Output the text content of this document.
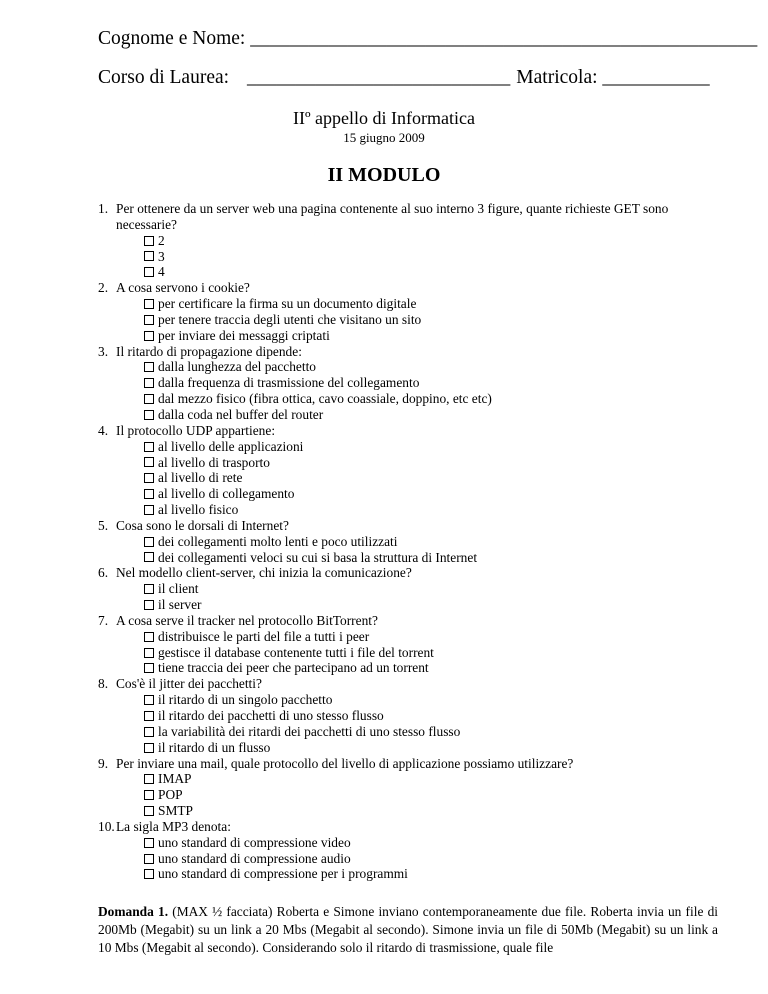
Cognome e Nome: ____________________________________________________
Corso di Laurea: ___________________________ Matricola: ___________
IIº appello di Informatica
15 giugno 2009
II MODULO
1. Per ottenere da un server web una pagina contenente al suo interno 3 figure, quante richieste GET sono necessarie?
2
3
4
2. A cosa servono i cookie?
per certificare la firma su un documento digitale
per tenere traccia degli utenti che visitano un sito
per inviare dei messaggi criptati
3. Il ritardo di propagazione dipende:
dalla lunghezza del pacchetto
dalla frequenza di trasmissione del collegamento
dal mezzo fisico (fibra ottica, cavo coassiale, doppino, etc etc)
dalla coda nel buffer del router
4. Il protocollo UDP appartiene:
al livello delle applicazioni
al livello di trasporto
al livello di rete
al livello di collegamento
al livello fisico
5. Cosa sono le dorsali di Internet?
dei collegamenti molto lenti e poco utilizzati
dei collegamenti veloci su cui si basa la struttura di Internet
6. Nel modello client-server, chi inizia la comunicazione?
il client
il server
7. A cosa serve il tracker nel protocollo BitTorrent?
distribuisce le parti del file a tutti i peer
gestisce il database contenente tutti i file del torrent
tiene traccia dei peer che partecipano ad un torrent
8. Cos'è il jitter dei pacchetti?
il ritardo di un singolo pacchetto
il ritardo dei pacchetti di uno stesso flusso
la variabilità dei ritardi dei pacchetti di uno stesso flusso
il ritardo di un flusso
9. Per inviare una mail, quale protocollo del livello di applicazione possiamo utilizzare?
IMAP
POP
SMTP
10. La sigla MP3 denota:
uno standard di compressione video
uno standard di compressione audio
uno standard di compressione per i programmi

Domanda 1. (MAX ½ facciata) Roberta e Simone inviano contemporaneamente due file. Roberta invia un file di 200Mb (Megabit) su un link a 20 Mbs (Megabit al secondo). Simone invia un file di 50Mb (Megabit) su un link a 10 Mbs (Megabit al secondo). Considerando solo il ritardo di trasmissione, quale file
